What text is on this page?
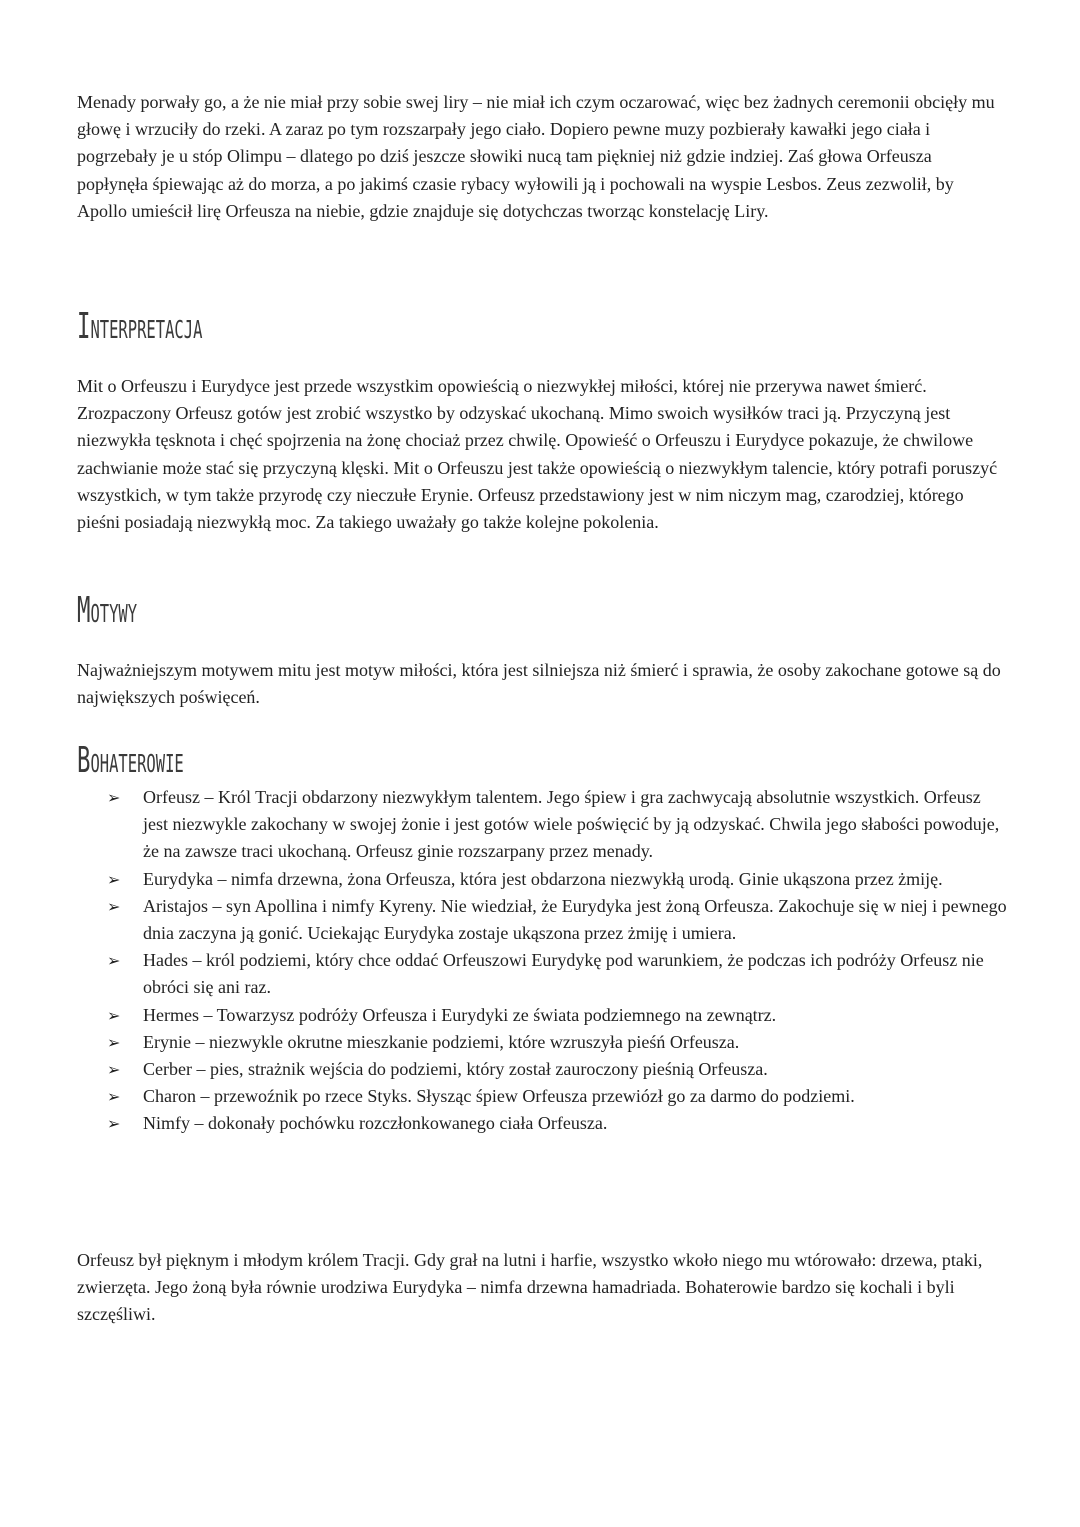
Menady porwały go, a że nie miał przy sobie swej liry – nie miał ich czym oczarować, więc bez żadnych ceremonii obcięły mu głowę i wrzuciły do rzeki. A zaraz po tym rozszarpały jego ciało. Dopiero pewne muzy pozbierały kawałki jego ciała i pogrzebały je u stóp Olimpu – dlatego po dziś jeszcze słowiki nucą tam piękniej niż gdzie indziej. Zaś głowa Orfeusza popłynęła śpiewając aż do morza, a po jakimś czasie rybacy wyłowili ją i pochowali na wyspie Lesbos. Zeus zezwolił, by Apollo umieścił lirę Orfeusza na niebie, gdzie znajduje się dotychczas tworząc konstelację Liry.

Interpretacja

Mit o Orfeuszu i Eurydyce jest przede wszystkim opowieścią o niezwykłej miłości, której nie przerywa nawet śmierć. Zrozpaczony Orfeusz gotów jest zrobić wszystko by odzyskać ukochaną. Mimo swoich wysiłków traci ją. Przyczyną jest niezwykła tęsknota i chęć spojrzenia na żonę chociaż przez chwilę. Opowieść o Orfeuszu i Eurydyce pokazuje, że chwilowe zachwianie może stać się przyczyną klęski. Mit o Orfeuszu jest także opowieścią o niezwykłym talencie, który potrafi poruszyć wszystkich, w tym także przyrodę czy nieczułe Erynie. Orfeusz przedstawiony jest w nim niczym mag, czarodziej, którego pieśni posiadają niezwykłą moc. Za takiego uważały go także kolejne pokolenia.

Motywy

Najważniejszym motywem mitu jest motyw miłości, która jest silniejsza niż śmierć i sprawia, że osoby zakochane gotowe są do największych poświęceń.

Bohaterowie
➢	Orfeusz – Król Tracji obdarzony niezwykłym talentem. Jego śpiew i gra zachwycają absolutnie wszystkich. Orfeusz jest niezwykle zakochany w swojej żonie i jest gotów wiele poświęcić by ją odzyskać. Chwila jego słabości powoduje, że na zawsze traci ukochaną. Orfeusz ginie rozszarpany przez menady.
➢	Eurydyka – nimfa drzewna, żona Orfeusza, która jest obdarzona niezwykłą urodą. Ginie ukąszona przez żmiję.
➢	Aristajos – syn Apollina i nimfy Kyreny. Nie wiedział, że Eurydyka jest żoną Orfeusza. Zakochuje się w niej i pewnego dnia zaczyna ją gonić. Uciekając Eurydyka zostaje ukąszona przez żmiję i umiera.
➢	Hades – król podziemi, który chce oddać Orfeuszowi Eurydykę pod warunkiem, że podczas ich podróży Orfeusz nie obróci się ani raz.
➢	Hermes – Towarzysz podróży Orfeusza i Eurydyki ze świata podziemnego na zewnątrz.
➢	Erynie – niezwykle okrutne mieszkanie podziemi, które wzruszyła pieśń Orfeusza.
➢	Cerber – pies, strażnik wejścia do podziemi, który został zauroczony pieśnią Orfeusza.
➢	Charon – przewoźnik po rzece Styks. Słysząc śpiew Orfeusza przewiózł go za darmo do podziemi.
➢	Nimfy – dokonały pochówku rozczłonkowanego ciała Orfeusza.

Orfeusz był pięknym i młodym królem Tracji. Gdy grał na lutni i harfie, wszystko wkoło niego mu wtórowało: drzewa, ptaki, zwierzęta. Jego żoną była równie urodziwa Eurydyka – nimfa drzewna hamadriada. Bohaterowie bardzo się kochali i byli szczęśliwi.
